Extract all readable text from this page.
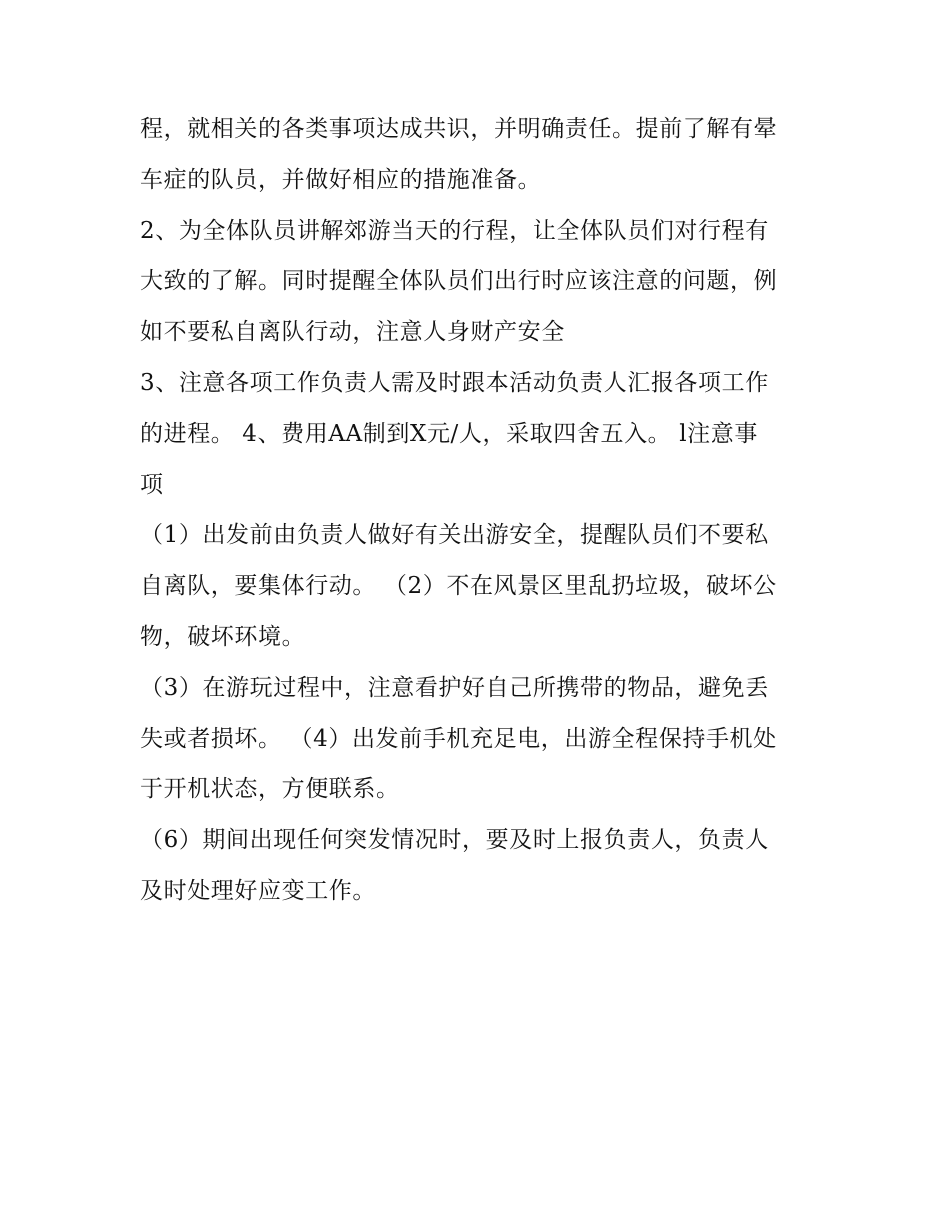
程，就相关的各类事项达成共识，并明确责任。提前了解有晕
车症的队员，并做好相应的措施准备。
2、为全体队员讲解郊游当天的行程，让全体队员们对行程有
大致的了解。同时提醒全体队员们出行时应该注意的问题，例
如不要私自离队行动，注意人身财产安全
3、注意各项工作负责人需及时跟本活动负责人汇报各项工作
的进程。 4、费用AA制到X元/人，采取四舍五入。 l注意事
项
（1）出发前由负责人做好有关出游安全，提醒队员们不要私
自离队，要集体行动。 （2）不在风景区里乱扔垃圾，破坏公
物，破坏环境。
（3）在游玩过程中，注意看护好自己所携带的物品，避免丢
失或者损坏。 （4）出发前手机充足电，出游全程保持手机处
于开机状态，方便联系。
（6）期间出现任何突发情况时，要及时上报负责人，负责人
及时处理好应变工作。
